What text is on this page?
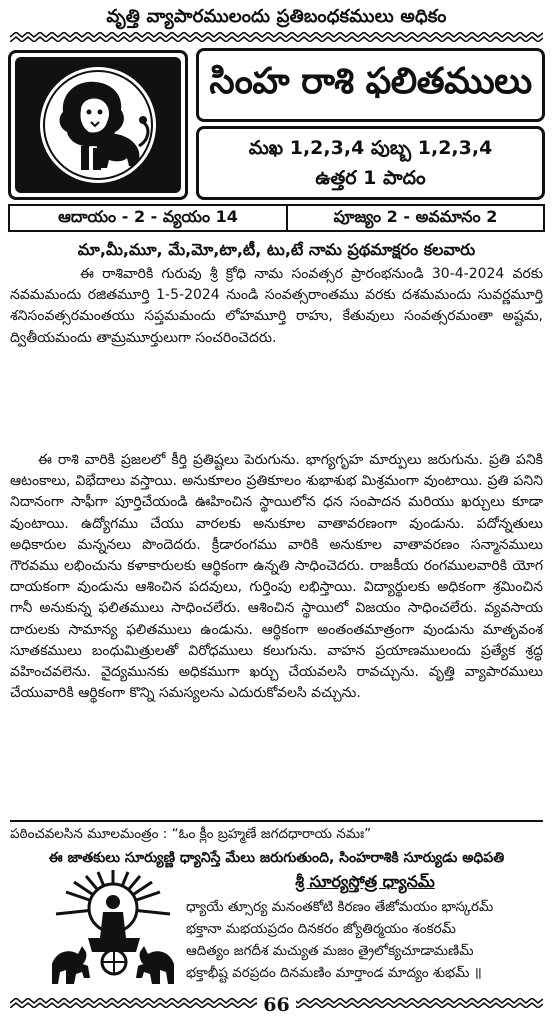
వృత్తి వ్యాపారములందు ప్రతిబంధకములు అధికం
సింహ రాశి ఫలితములు
మఖ 1,2,3,4 పుబ్బ 1,2,3,4
ఉత్తర 1 పాదం
ఆదాయం - 2 - వ్యయం 14	పూజ్యం 2 - అవమానం 2
మా,మీ,మూ, మే,మో,టా,టీ, టు,టే నామ ప్రథమాక్షరం కలవారు

ఈ రాశివారికి గురువు శ్రీ క్రోధి నామ సంవత్సర ప్రారంభనుండి 30-4-2024 వరకు నవమమందు రజితమూర్తి 1-5-2024 నుండి సంవత్సరాంతము వరకు దశమమందు సువర్ణమూర్తి శనిసంవత్సరమంతయు సప్తమమందు లోహమూర్తి రాహు, కేతువులు సంవత్సరమంతా అష్టమ, ద్వితీయమందు తామ్రమూర్తులుగా సంచరించెదరు.

ఈ రాశి వారికి ప్రజలలో కీర్తి ప్రతిష్టలు పెరుగును. భాగ్యగృహ మార్పులు జరుగును. ప్రతి పనికి ఆటంకాలు, విభేదాలు వస్తాయి. అనుకూలం ప్రతికూలం శుభాశుభ మిశ్రమంగా వుంటాయి. ప్రతి పనిని నిదానంగా సాఫీగా పూర్తిచేయండి ఊహించిన స్థాయిలోన ధన సంపాదన మరియు ఖర్చులు కూడా వుంటాయి. ఉద్యోగము చేయు వారలకు అనుకూల వాతావరణంగా వుండును. పదోన్నతులు అధికారుల మన్ననలు పొందెదరు. క్రీడారంగము వారికి అనుకూల వాతావరణం సన్మానములు గౌరవము లభించును కళాకారులకు ఆర్థికంగా ఉన్నతి సాధించెదరు. రాజకీయ రంగములవారికి యోగ దాయకంగా వుండును ఆశించిన పదవులు, గుర్తింపు లభిస్తాయి. విద్యార్థులకు అధికంగా శ్రమించిన గానీ అనుకున్న ఫలితములు సాధించలేరు. ఆశించిన స్థాయిలో విజయం సాధించలేరు. వ్యవసాయ దారులకు సామాన్య ఫలితములు ఉండును. ఆర్థికంగా అంతంతమాత్రంగా వుండును మాతృవంశ సూతకములు బంధుమిత్రులతో విరోధములు కలుగును. వాహన ప్రయాణములందు ప్రత్యేక శ్రద్ధ వహించవలెను. వైద్యమునకు అధికముగా ఖర్చు చేయవలసి రావచ్చును. వృత్తి వ్యాపారములు చేయువారికి ఆర్థికంగా కొన్ని సమస్యలను ఎదురుకోవలసి వచ్చును.

పఠించవలసిన మూలమంత్రం : “ఓం క్లీం బ్రహ్మణే జగదధారాయ నమః”
ఈ జాతకులు సూర్యుణ్ణి ధ్యానిస్తే మేలు జరుగుతుంది, సింహరాశికి సూర్యుడు అధిపతి
శ్రీ సూర్యస్తోత్ర ధ్యానమ్
ధ్యాయే త్సూర్య మనంతకోటి కిరణం తేజోమయం భాస్కరమ్
భక్తానా మభయప్రదం దినకరం జ్యోతిర్మయం శంకరమ్
ఆదిత్యం జగదీశ మచ్యుత మజం త్రైలోక్యచూడామణిమ్
భక్తాభీష్ట వరప్రదం దినమణిం మార్తాండ మాద్యం శుభమ్ ॥
66
